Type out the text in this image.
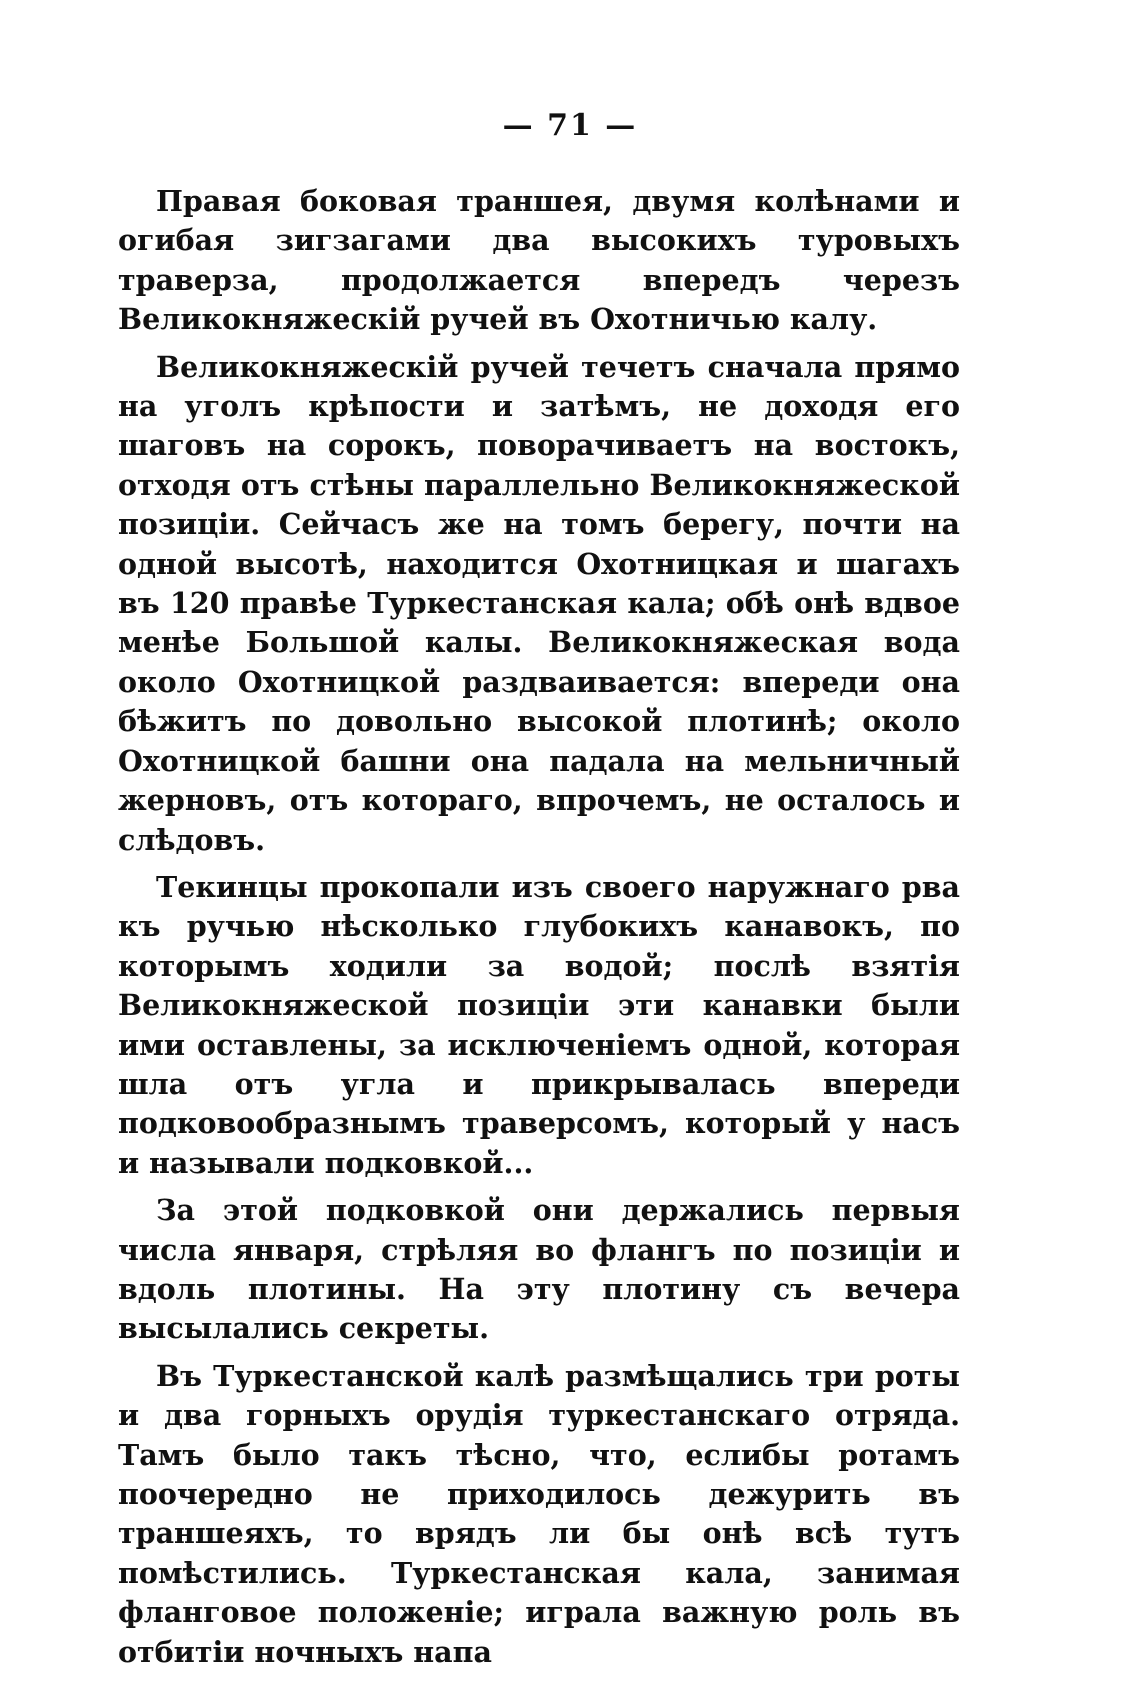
— 71 —

Правая боковая траншея, двумя колѣнами и огибая зигзагами два высокихъ туровыхъ траверза, продолжается впередъ черезъ Великокняжескiй ручей въ Охотничью калу.

Великокняжескiй ручей течетъ сначала прямо на уголъ крѣпости и затѣмъ, не доходя его шаговъ на сорокъ, поворачиваетъ на востокъ, отходя отъ стѣны параллельно Великокняжеской позицiи. Сейчасъ же на томъ берегу, почти на одной высотѣ, находится Охотницкая и шагахъ въ 120 правѣе Туркестанская кала; обѣ онѣ вдвое менѣе Большой калы. Великокняжеская вода около Охотницкой раздваивается: впереди она бѣжитъ по довольно высокой плотинѣ; около Охотницкой башни она падала на мельничный жерновъ, отъ котораго, впрочемъ, не осталось и слѣдовъ.

Текинцы прокопали изъ своего наружнаго рва къ ручью нѣсколько глубокихъ канавокъ, по которымъ ходили за водой; послѣ взятiя Великокняжеской позицiи эти канавки были ими оставлены, за исключенiемъ одной, которая шла отъ угла и прикрывалась впереди подковообразнымъ траверсомъ, который у насъ и называли подковкой...

За этой подковкой они держались первыя числа января, стрѣляя во флангъ по позицiи и вдоль плотины. На эту плотину съ вечера высылались секреты.

Въ Туркестанской калѣ размѣщались три роты и два горныхъ орудiя туркестанскаго отряда. Тамъ было такъ тѣсно, что, еслибы ротамъ поочередно не приходилось дежурить въ траншеяхъ, то врядъ ли бы онѣ всѣ тутъ помѣстились. Туркестанская кала, занимая фланговое положенiе; играла важную роль въ отбитiи ночныхъ напа
